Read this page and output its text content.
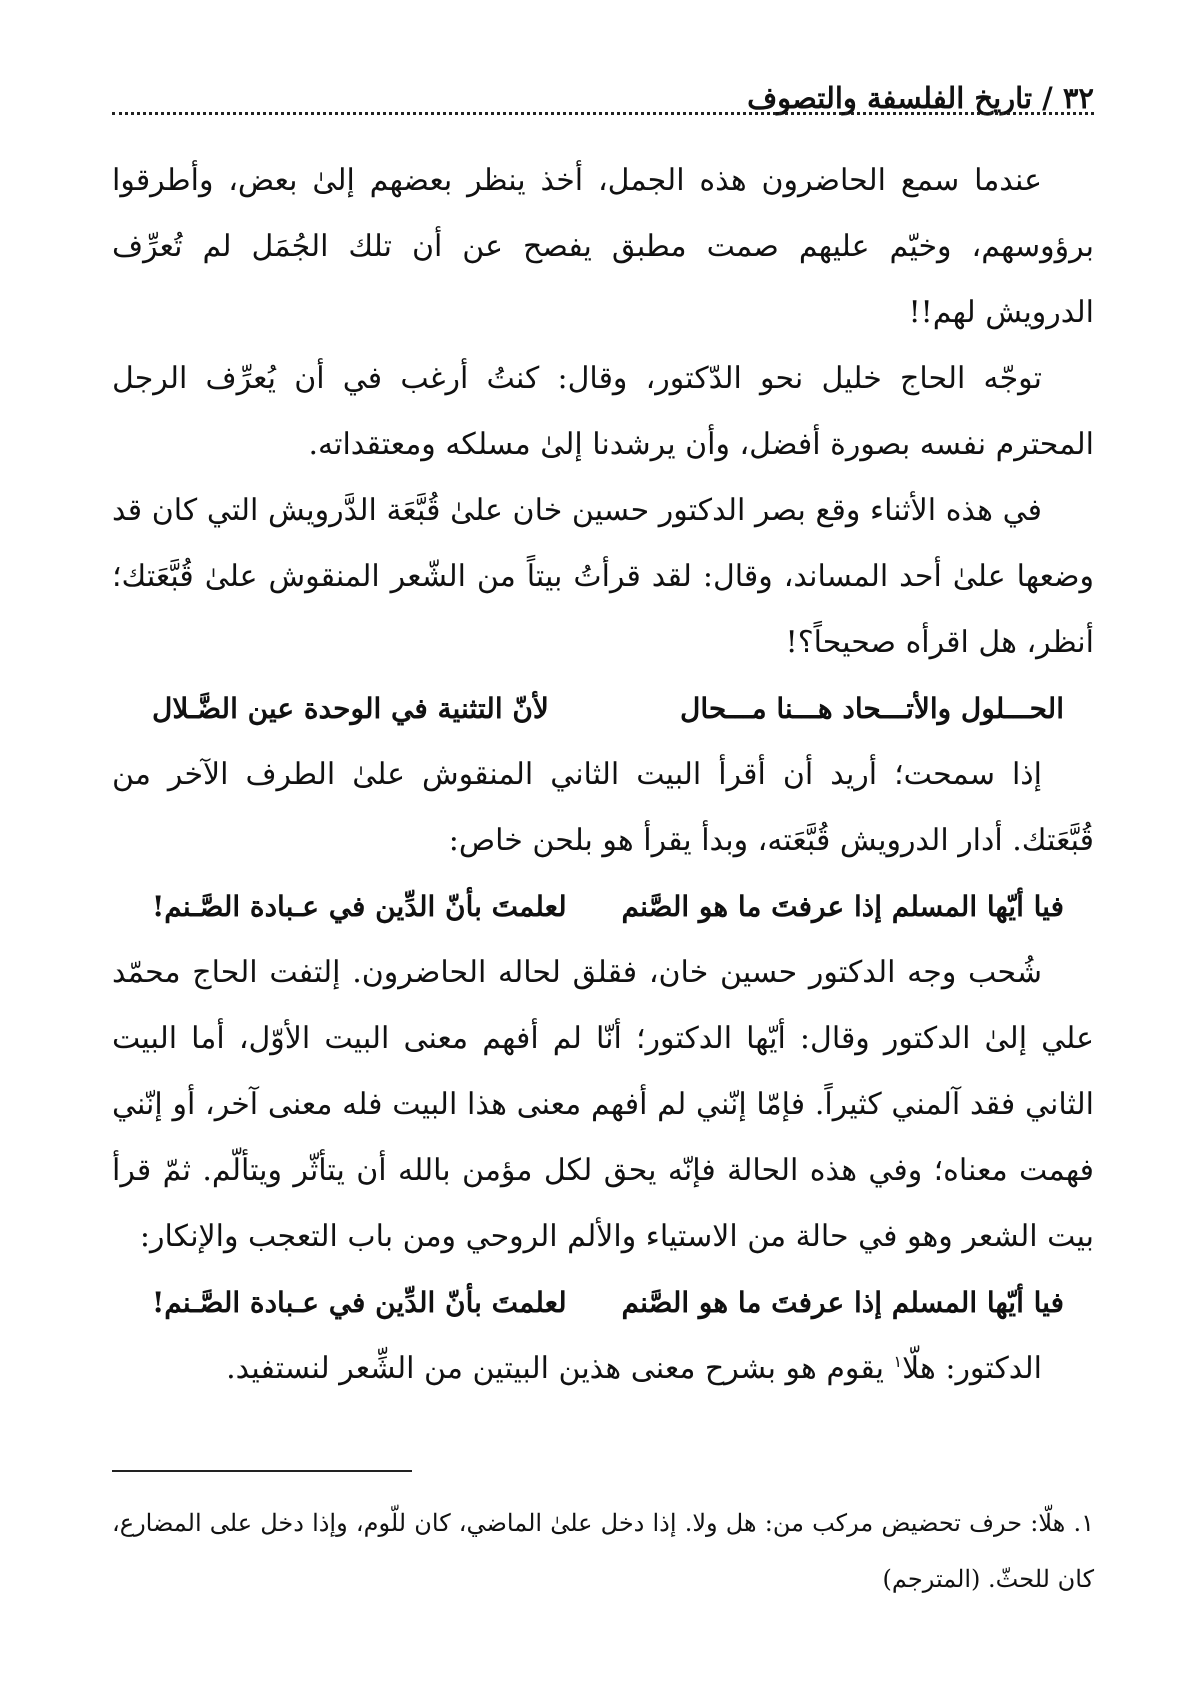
٣٢ / تاريخ الفلسفة والتصوف

عندما سمع الحاضرون هذه الجمل، أخذ ينظر بعضهم إلىٰ بعض، وأطرقوا برؤوسهم، وخيّم عليهم صمت مطبق يفصح عن أن تلك الجُمَل لم تُعرِّف الدرويش لهم!!

توجّه الحاج خليل نحو الدّكتور، وقال: كنتُ أرغب في أن يُعرِّف الرجل المحترم نفسه بصورة أفضل، وأن يرشدنا إلىٰ مسلكه ومعتقداته.

في هذه الأثناء وقع بصر الدكتور حسين خان علىٰ قُبَّعَة الدَّرويش التي كان قد وضعها علىٰ أحد المساند، وقال: لقد قرأتُ بيتاً من الشّعر المنقوش علىٰ قُبَّعَتك؛ أنظر، هل اقرأه صحيحاً؟!

الحـــلول والأتـــحاد هـــنا مـــحال
لأنّ التثنية في الوحدة عين الضَّـلال

إذا سمحت؛ أريد أن أقرأ البيت الثاني المنقوش علىٰ الطرف الآخر من قُبَّعَتك. أدار الدرويش قُبَّعَته، وبدأ يقرأ هو بلحن خاص:

فيا أيّها المسلم إذا عرفتَ ما هو الصَّنم
لعلمتَ بأنّ الدِّين في عـبادة الصَّـنم!

شُحب وجه الدكتور حسين خان، فقلق لحاله الحاضرون. إلتفت الحاج محمّد علي إلىٰ الدكتور وقال: أيّها الدكتور؛ أنّا لم أفهم معنى البيت الأوّل، أما البيت الثاني فقد آلمني كثيراً. فإمّا إنّني لم أفهم معنى هذا البيت فله معنى آخر، أو إنّني فهمت معناه؛ وفي هذه الحالة فإنّه يحق لكل مؤمن بالله أن يتأثّر ويتألّم. ثمّ قرأ بيت الشعر وهو في حالة من الاستياء والألم الروحي ومن باب التعجب والإنكار:

فيا أيّها المسلم إذا عرفتَ ما هو الصَّنم
لعلمتَ بأنّ الدِّين في عـبادة الصَّـنم!

الدكتور: هلّا$^١$ يقوم هو بشرح معنى هذين البيتين من الشِّعر لنستفيد.

١. هلّا: حرف تحضيض مركب من: هل ولا. إذا دخل علىٰ الماضي، كان للّوم، وإذا دخل على المضارع، كان للحثّ. (المترجم)
